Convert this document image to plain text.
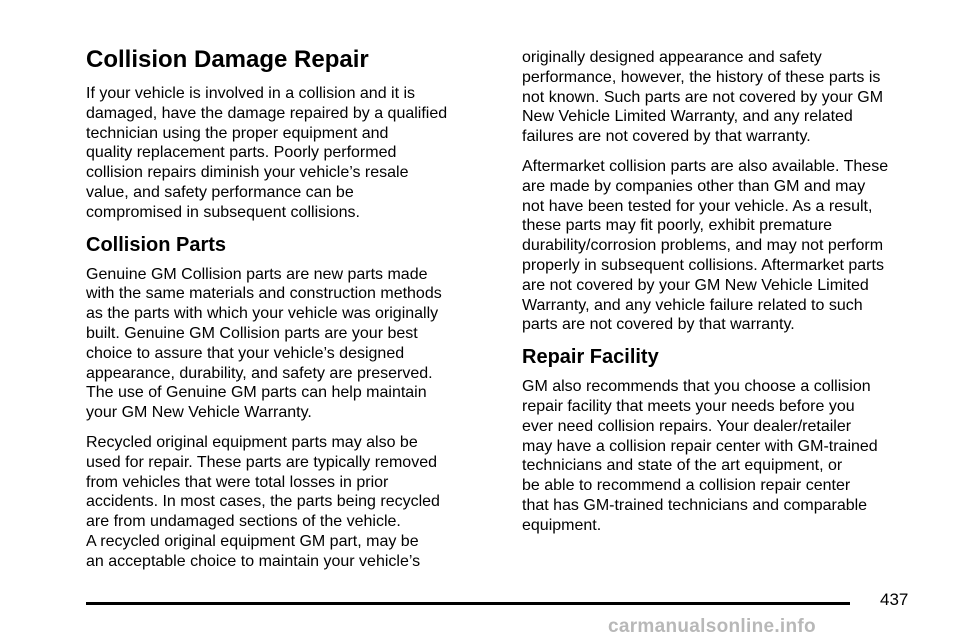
Collision Damage Repair

If your vehicle is involved in a collision and it is
damaged, have the damage repaired by a qualified
technician using the proper equipment and
quality replacement parts. Poorly performed
collision repairs diminish your vehicle’s resale
value, and safety performance can be
compromised in subsequent collisions.

Collision Parts

Genuine GM Collision parts are new parts made
with the same materials and construction methods
as the parts with which your vehicle was originally
built. Genuine GM Collision parts are your best
choice to assure that your vehicle’s designed
appearance, durability, and safety are preserved.
The use of Genuine GM parts can help maintain
your GM New Vehicle Warranty.

Recycled original equipment parts may also be
used for repair. These parts are typically removed
from vehicles that were total losses in prior
accidents. In most cases, the parts being recycled
are from undamaged sections of the vehicle.
A recycled original equipment GM part, may be
an acceptable choice to maintain your vehicle’s

originally designed appearance and safety
performance, however, the history of these parts is
not known. Such parts are not covered by your GM
New Vehicle Limited Warranty, and any related
failures are not covered by that warranty.

Aftermarket collision parts are also available. These
are made by companies other than GM and may
not have been tested for your vehicle. As a result,
these parts may fit poorly, exhibit premature
durability/corrosion problems, and may not perform
properly in subsequent collisions. Aftermarket parts
are not covered by your GM New Vehicle Limited
Warranty, and any vehicle failure related to such
parts are not covered by that warranty.

Repair Facility

GM also recommends that you choose a collision
repair facility that meets your needs before you
ever need collision repairs. Your dealer/retailer
may have a collision repair center with GM-trained
technicians and state of the art equipment, or
be able to recommend a collision repair center
that has GM-trained technicians and comparable
equipment.

437
carmanualsonline.info
